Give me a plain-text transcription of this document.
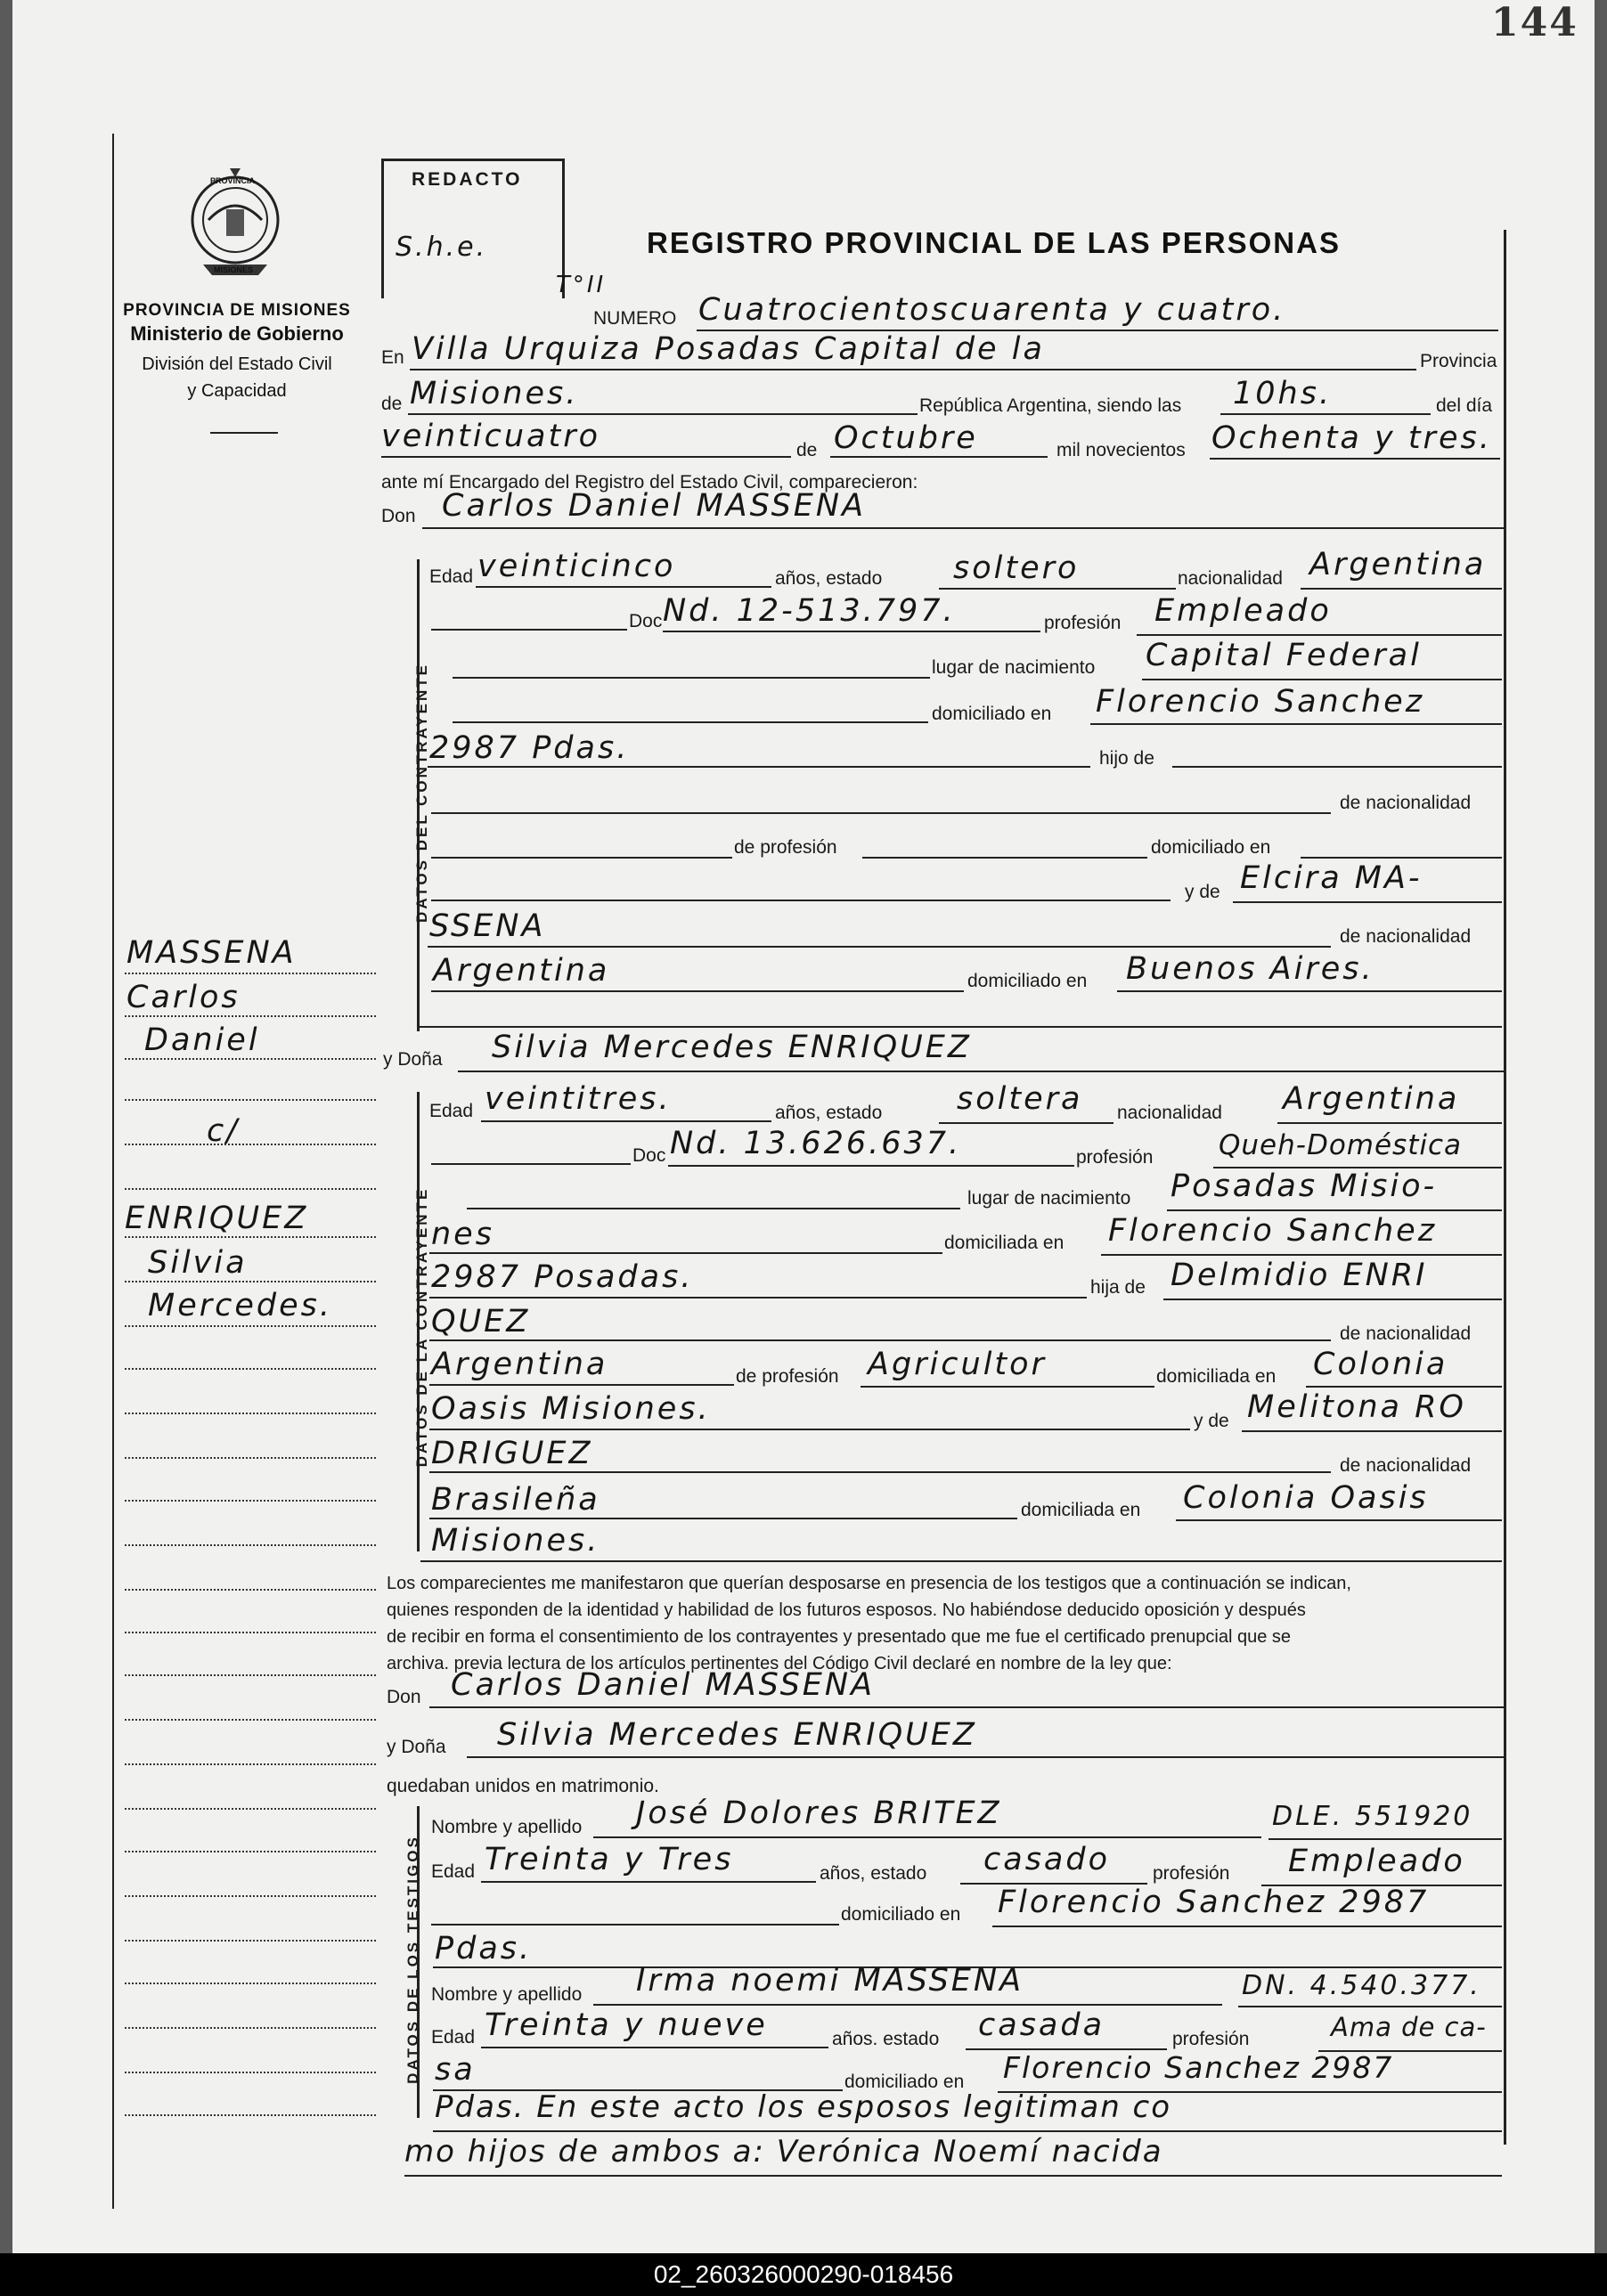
144
PROVINCIA
MISIONES
PROVINCIA DE MISIONES
Ministerio de Gobierno
División del Estado Civil
y Capacidad
REDACTO
S.h.e.
T°II
REGISTRO PROVINCIAL DE LAS PERSONAS
NUMERO Cuatrocientoscuarenta y cuatro.
En Villa Urquiza Posadas Capital de la	Provincia
de Misiones.	República Argentina, siendo las 10hs.	del día
veinticuatro	de Octubre	mil novecientos Ochenta y tres.
ante mí Encargado del Registro del Estado Civil, comparecieron:
Don Carlos Daniel MASSENA
DATOS DEL CONTRAYENTE
Edad veinticinco	años, estado soltero	nacionalidad Argentina
Doc Nd. 12-513.797.	profesión Empleado
lugar de nacimiento Capital Federal
domiciliado en Florencio Sanchez
2987 Pdas.	hijo de
de nacionalidad
de profesión	domiciliado en
y de Elcira MA-
SSENA	de nacionalidad
Argentina	domiciliado en Buenos Aires.
MASSENA
Carlos
Daniel
c/
ENRIQUEZ
Silvia
Mercedes.
y Doña Silvia Mercedes ENRIQUEZ
DATOS DE LA CONTRAYENTE
Edad veintitres.	años, estado soltera nacionalidad Argentina
Doc Nd. 13.626.637.	profesión Queh-Doméstica
lugar de nacimiento Posadas Misio-
nes	domiciliada en Florencio Sanchez
2987 Posadas.	hija de Delmidio ENRI
QUEZ	de nacionalidad
Argentina	de profesión Agricultor	domiciliada en Colonia
Oasis Misiones.	y de Melitona RO
DRIGUEZ	de nacionalidad
Brasileña	domiciliada en Colonia Oasis
Misiones.
Los comparecientes me manifestaron que querían desposarse en presencia de los testigos que a continuación se indican,
quienes responden de la identidad y habilidad de los futuros esposos. No habiéndose deducido oposición y después
de recibir en forma el consentimiento de los contrayentes y presentado que me fue el certificado prenupcial que se
archiva. previa lectura de los artículos pertinentes del Código Civil declaré en nombre de la ley que:
Don Carlos Daniel MASSENA
y Doña Silvia Mercedes ENRIQUEZ
quedaban unidos en matrimonio.
DATOS DE LOS TESTIGOS
Nombre y apellido José Dolores BRITEZ	DLE. 551920
Edad Treinta y Tres	años, estado casado profesión Empleado
domiciliado en Florencio Sanchez 2987
Pdas.
Nombre y apellido Irma noemi MASSENA	DN. 4.540.377.
Edad Treinta y nueve	años. estado casada	profesión	Ama de ca-
sa	domiciliado en Florencio Sanchez 2987
Pdas. En este acto los esposos legitiman co
mo hijos de ambos a: Verónica Noemí nacida
02_260326000290-018456
